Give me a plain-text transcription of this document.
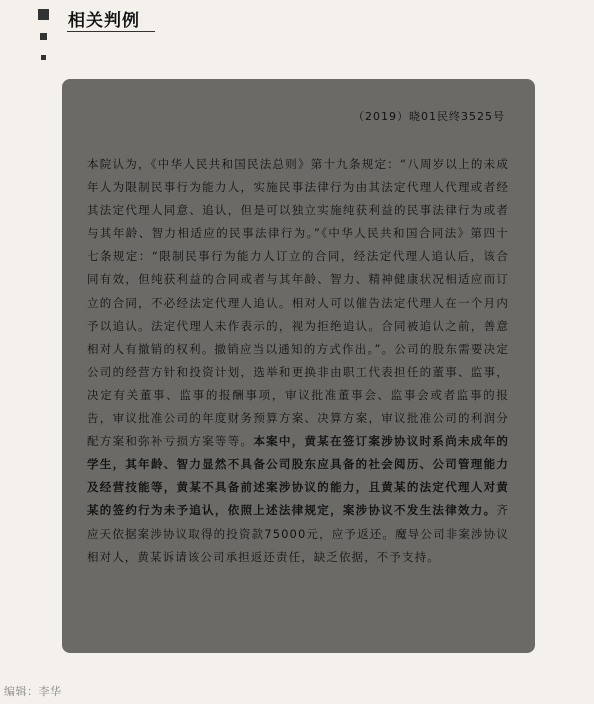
相关判例
（2019）晓01民终3525号
本院认为，《中华人民共和国民法总则》第十九条规定：“八周岁以上的未成年人为限制民事行为能力人，实施民事法律行为由其法定代理人代理或者经其法定代理人同意、追认，但是可以独立实施纯获利益的民事法律行为或者与其年龄、智力相适应的民事法律行为。”《中华人民共和国合同法》第四十七条规定：“限制民事行为能力人订立的合同，经法定代理人追认后，该合同有效，但纯获利益的合同或者与其年龄、智力、精神健康状况相适应而订立的合同，不必经法定代理人追认。相对人可以催告法定代理人在一个月内予以追认。法定代理人未作表示的，视为拒绝追认。合同被追认之前，善意相对人有撤销的权利。撤销应当以通知的方式作出。”。公司的股东需要决定公司的经营方针和投资计划，选举和更换非由职工代表担任的董事、监事，决定有关董事、监事的报酬事项，审议批准董事会、监事会或者监事的报告，审议批准公司的年度财务预算方案、决算方案，审议批准公司的利润分配方案和弥补亏损方案等等。本案中，黄某在签订案涉协议时系尚未成年的学生，其年龄、智力显然不具备公司股东应具备的社会阅历、公司管理能力及经营技能等，黄某不具备前述案涉协议的能力，且黄某的法定代理人对黄某的签约行为未予追认，依照上述法律规定，案涉协议不发生法律效力。齐应天依据案涉协议取得的投资款75000元，应予返还。魔导公司非案涉协议相对人，黄某诉请该公司承担返还责任，缺乏依据，不予支持。
编辑：李华
